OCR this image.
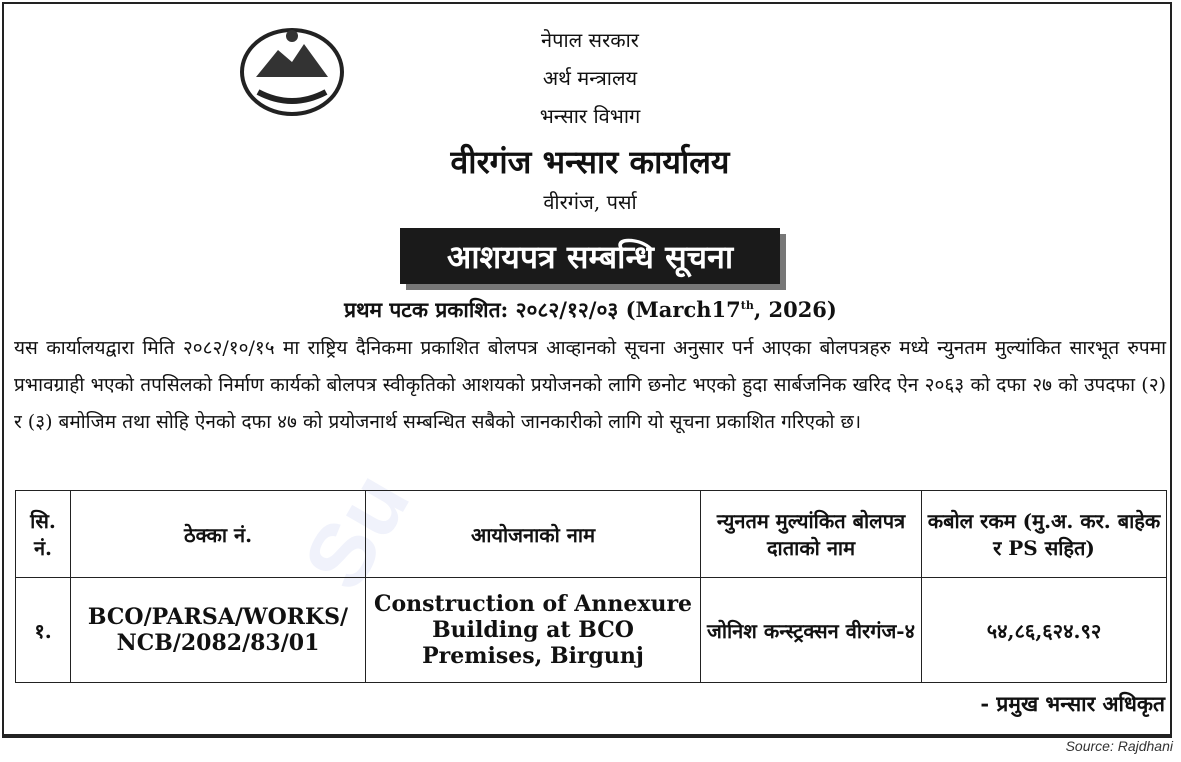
Su
नेपाल सरकार
अर्थ मन्त्रालय
भन्सार विभाग
वीरगंज भन्सार कार्यालय
वीरगंज, पर्सा
आशयपत्र सम्बन्धि सूचना
प्रथम पटक प्रकाशित: २०८२/१२/०३ (March17th, 2026)
यस कार्यालयद्वारा मिति २०८२/१०/१५ मा राष्ट्रिय दैनिकमा प्रकाशित बोलपत्र आव्हानको सूचना अनुसार पर्न आएका बोलपत्रहरु मध्ये न्युनतम मुल्यांकित सारभूत रुपमा प्रभावग्राही भएको तपसिलको निर्माण कार्यको बोलपत्र स्वीकृतिको आशयको प्रयोजनको लागि छनोट भएको हुदा सार्बजनिक खरिद ऐन २०६३ को दफा २७ को उपदफा (२) र (३) बमोजिम तथा सोहि ऐनको दफा ४७ को प्रयोजनार्थ सम्बन्धित सबैको जानकारीको लागि यो सूचना प्रकाशित गरिएको छ।
सि. नं.	ठेक्का नं.	आयोजनाको नाम	न्युनतम मुल्यांकित बोलपत्र दाताको नाम	कबोल रकम (मु.अ. कर. बाहेक र PS सहित)
१.	BCO/PARSA/WORKS/ NCB/2082/83/01	Construction of Annexure Building at BCO Premises, Birgunj	जोनिश कन्स्ट्रक्सन वीरगंज-४	५४,८६,६२४.९२
- प्रमुख भन्सार अधिकृत
Source: Rajdhani
